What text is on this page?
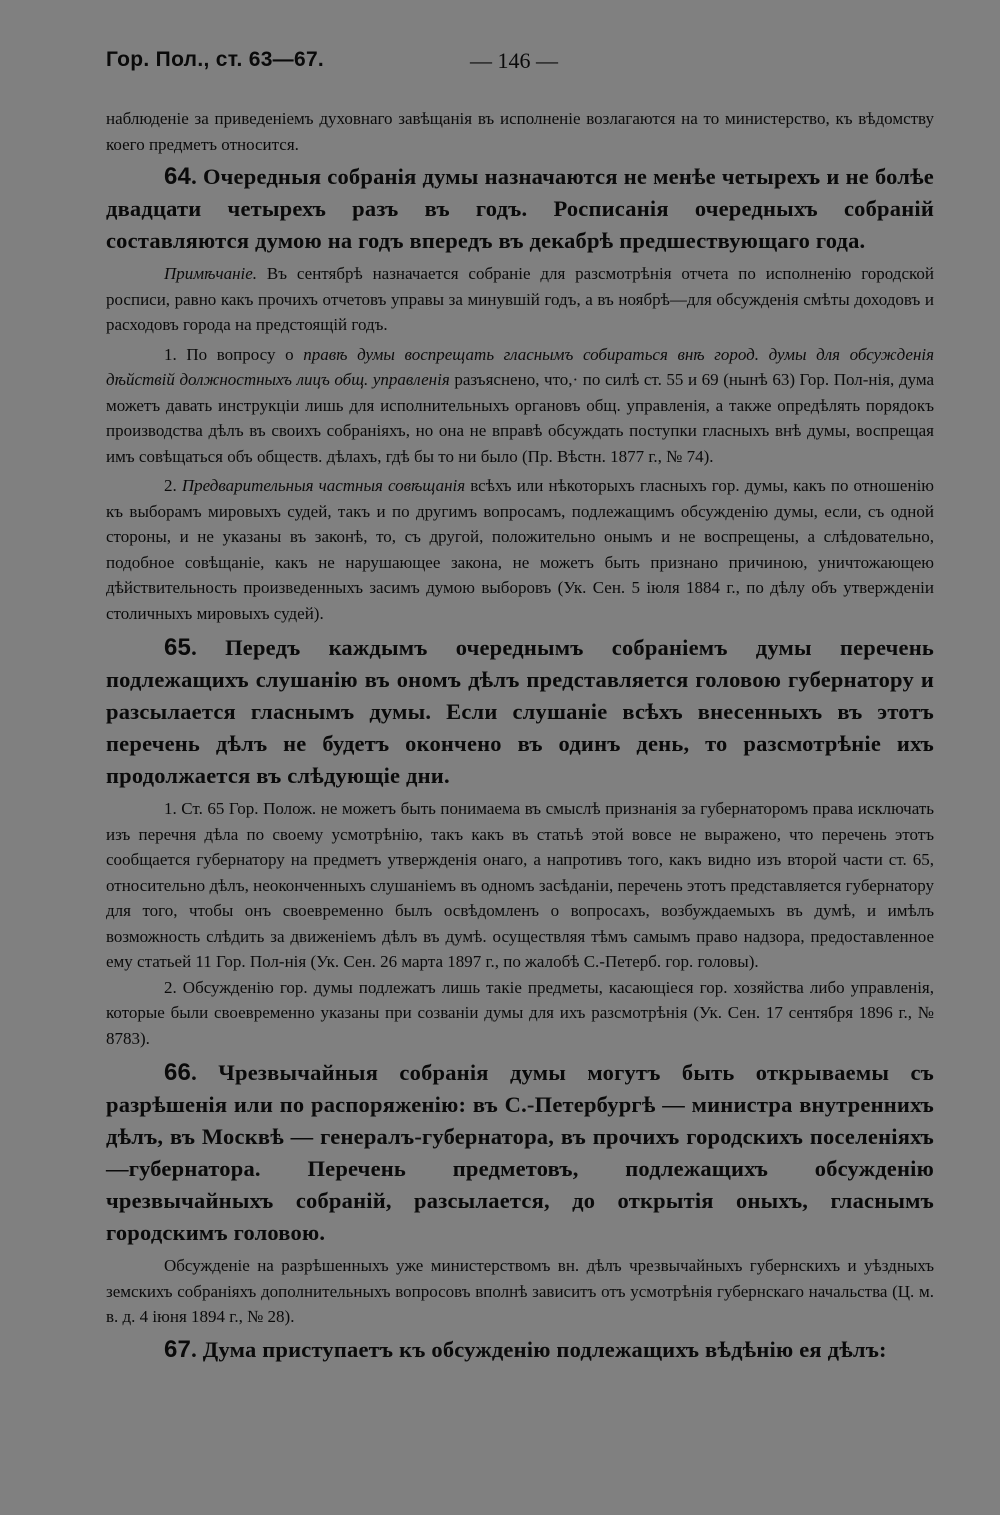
Гор. Пол., ст. 63—67.	— 146 —

наблюденіе за приведеніемъ духовнаго завѣщанія въ исполненіе возлагаются на то министерство, къ вѣдомству коего предметъ относится.

64. Очередныя собранія думы назначаются не менѣе четырехъ и не болѣе двадцати четырехъ разъ въ годъ. Росписанія очередныхъ собраній составляются думою на годъ впередъ въ декабрѣ предшествующаго года.

Примѣчаніе. Въ сентябрѣ назначается собраніе для разсмотрѣнія отчета по исполненію городской росписи, равно какъ прочихъ отчетовъ управы за минувшій годъ, а въ ноябрѣ—для обсужденія смѣты доходовъ и расходовъ города на предстоящій годъ.

1. По вопросу о правѣ думы воспрещать гласнымъ собираться внѣ город. думы для обсужденія дѣйствій должностныхъ лицъ общ. управленія разъяснено, что,· по силѣ ст. 55 и 69 (нынѣ 63) Гор. Пол-нія, дума можетъ давать инструкціи лишь для исполнительныхъ органовъ общ. управленія, а также опредѣлять порядокъ производства дѣлъ въ своихъ собраніяхъ, но она не вправѣ обсуждать поступки гласныхъ внѣ думы, воспрещая имъ совѣщаться объ обществ. дѣлахъ, гдѣ бы то ни было (Пр. Вѣстн. 1877 г., № 74).

2. Предварительныя частныя совѣщанія всѣхъ или нѣкоторыхъ гласныхъ гор. думы, какъ по отношенію къ выборамъ мировыхъ судей, такъ и по другимъ вопросамъ, подлежащимъ обсужденію думы, если, съ одной стороны, и не указаны въ законѣ, то, съ другой, положительно онымъ и не воспрещены, а слѣдовательно, подобное совѣщаніе, какъ не нарушающее закона, не можетъ быть признано причиною, уничтожающею дѣйствительность произведенныхъ засимъ думою выборовъ (Ук. Сен. 5 іюля 1884 г., по дѣлу объ утвержденіи столичныхъ мировыхъ судей).

65. Передъ каждымъ очереднымъ собраніемъ думы перечень подлежащихъ слушанію въ ономъ дѣлъ представляется головою губернатору и разсылается гласнымъ думы. Если слушаніе всѣхъ внесенныхъ въ этотъ перечень дѣлъ не будетъ окончено въ одинъ день, то разсмотрѣніе ихъ продолжается въ слѣдующіе дни.

1. Ст. 65 Гор. Полож. не можетъ быть понимаема въ смыслѣ признанія за губернаторомъ права исключать изъ перечня дѣла по своему усмотрѣнію, такъ какъ въ статьѣ этой вовсе не выражено, что перечень этотъ сообщается губернатору на предметъ утвержденія онаго, а напротивъ того, какъ видно изъ второй части ст. 65, относительно дѣлъ, неоконченныхъ слушаніемъ въ одномъ засѣданіи, перечень этотъ представляется губернатору для того, чтобы онъ своевременно былъ освѣдомленъ о вопросахъ, возбуждаемыхъ въ думѣ, и имѣлъ возможность слѣдить за движеніемъ дѣлъ въ думѣ. осуществляя тѣмъ самымъ право надзора, предоставленное ему статьей 11 Гор. Пол-нія (Ук. Сен. 26 марта 1897 г., по жалобѣ С.-Петерб. гор. головы).

2. Обсужденію гор. думы подлежатъ лишь такіе предметы, касающіеся гор. хозяйства либо управленія, которые были своевременно указаны при созваніи думы для ихъ разсмотрѣнія (Ук. Сен. 17 сентября 1896 г., № 8783).

66. Чрезвычайныя собранія думы могутъ быть открываемы съ разрѣшенія или по распоряженію: въ С.-Петербургѣ — министра внутреннихъ дѣлъ, въ Москвѣ — генералъ-губернатора, въ прочихъ городскихъ поселеніяхъ—губернатора. Перечень предметовъ, подлежащихъ обсужденію чрезвычайныхъ собраній, разсылается, до открытія оныхъ, гласнымъ городскимъ головою.

Обсужденіе на разрѣшенныхъ уже министерствомъ вн. дѣлъ чрезвычайныхъ губернскихъ и уѣздныхъ земскихъ собраніяхъ дополнительныхъ вопросовъ вполнѣ зависитъ отъ усмотрѣнія губернскаго начальства (Ц. м. в. д. 4 іюня 1894 г., № 28).

67. Дума приступаетъ къ обсужденію подлежащихъ вѣдѣнію ея дѣлъ:
